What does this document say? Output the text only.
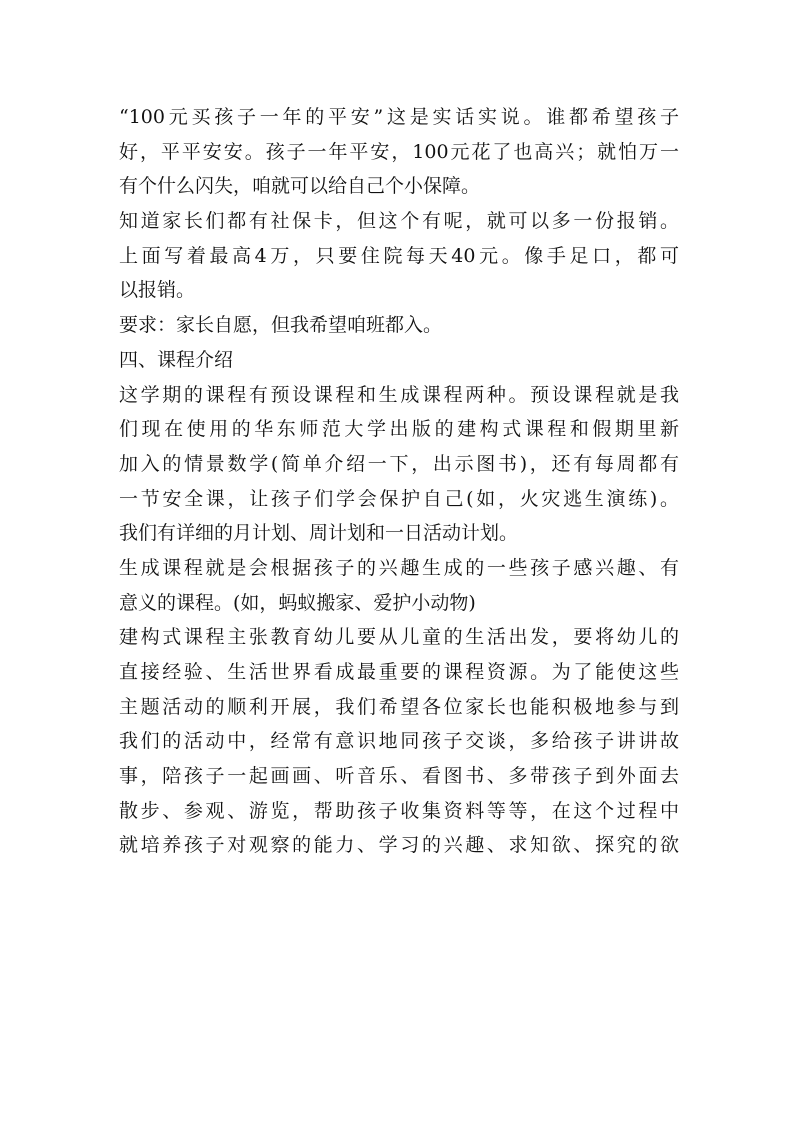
“100元买孩子一年的平安”这是实话实说。谁都希望孩子
好，平平安安。孩子一年平安，100元花了也高兴；就怕万一
有个什么闪失，咱就可以给自己个小保障。
知道家长们都有社保卡，但这个有呢，就可以多一份报销。
上面写着最高4万，只要住院每天40元。像手足口，都可
以报销。
要求：家长自愿，但我希望咱班都入。
四、课程介绍
这学期的课程有预设课程和生成课程两种。预设课程就是我
们现在使用的华东师范大学出版的建构式课程和假期里新
加入的情景数学(简单介绍一下，出示图书)，还有每周都有
一节安全课，让孩子们学会保护自己(如，火灾逃生演练)。
我们有详细的月计划、周计划和一日活动计划。
生成课程就是会根据孩子的兴趣生成的一些孩子感兴趣、有
意义的课程。(如，蚂蚁搬家、爱护小动物)
建构式课程主张教育幼儿要从儿童的生活出发，要将幼儿的
直接经验、生活世界看成最重要的课程资源。为了能使这些
主题活动的顺利开展，我们希望各位家长也能积极地参与到
我们的活动中，经常有意识地同孩子交谈，多给孩子讲讲故
事，陪孩子一起画画、听音乐、看图书、多带孩子到外面去
散步、参观、游览，帮助孩子收集资料等等，在这个过程中
就培养孩子对观察的能力、学习的兴趣、求知欲、探究的欲
